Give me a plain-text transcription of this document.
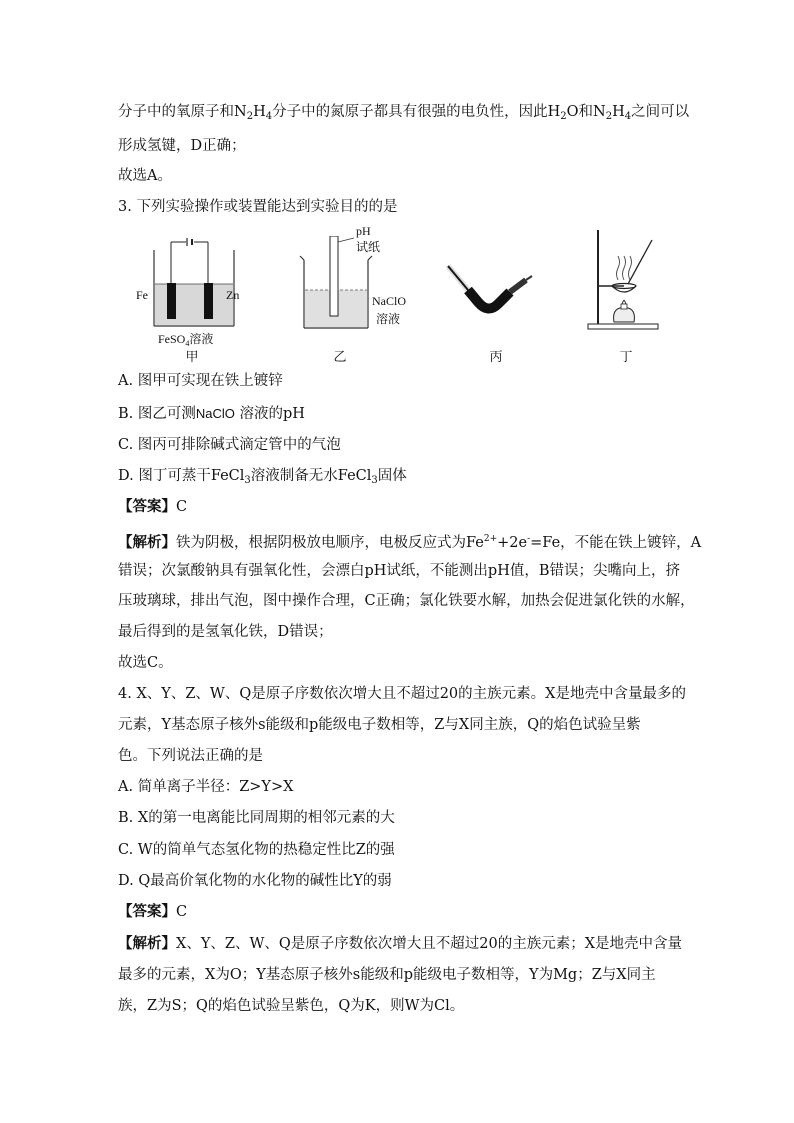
分子中的氧原子和$N_2H_4$分子中的氮原子都具有很强的电负性，因此$H_2O$和$N_2H_4$之间可以
形成氢键，D正确；
故选A。
3. 下列实验操作或装置能达到实验目的的是
Fe	Zn
FeSO$_4$溶液
甲
pH
试纸
NaClO
溶液
乙	丙	丁
A. 图甲可实现在铁上镀锌
B. 图乙可测NaClO 溶液的pH
C. 图丙可排除碱式滴定管中的气泡
D. 图丁可蒸干FeCl$_3$溶液制备无水FeCl$_3$固体
【答案】C
【解析】铁为阴极，根据阴极放电顺序，电极反应式为$Fe^{2+}+2e^-=Fe$，不能在铁上镀锌，A
错误；次氯酸钠具有强氧化性，会漂白pH试纸，不能测出pH值，B错误；尖嘴向上，挤
压玻璃球，排出气泡，图中操作合理，C正确；氯化铁要水解，加热会促进氯化铁的水解，
最后得到的是氢氧化铁，D错误；
故选C。
4. X、Y、Z、W、Q是原子序数依次增大且不超过20的主族元素。X是地壳中含量最多的
元素，Y基态原子核外s能级和p能级电子数相等，Z与X同主族，Q的焰色试验呈紫
色。下列说法正确的是
A. 简单离子半径：Z>Y>X
B. X的第一电离能比同周期的相邻元素的大
C. W的简单气态氢化物的热稳定性比Z的强
D. Q最高价氧化物的水化物的碱性比Y的弱
【答案】C
【解析】X、Y、Z、W、Q是原子序数依次增大且不超过20的主族元素；X是地壳中含量
最多的元素，X为O；Y基态原子核外s能级和p能级电子数相等，Y为Mg；Z与X同主
族，Z为S；Q的焰色试验呈紫色，Q为K，则W为Cl。
